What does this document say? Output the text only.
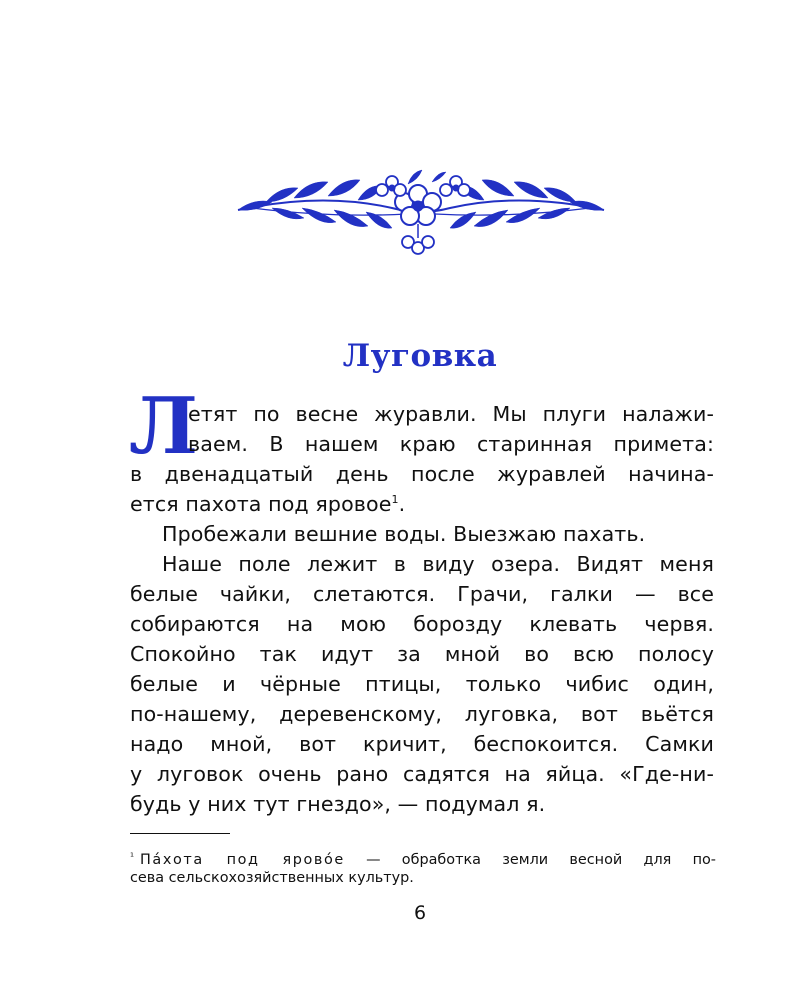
Луговка
Л
етят по весне журавли. Мы плуги налажи-
ваем. В нашем краю старинная примета:
в двенадцатый день после журавлей начина-
ется пахота под яровое$^1$.
Пробежали вешние воды. Выезжаю пахать.
Наше поле лежит в виду озера. Видят меня
белые чайки, слетаются. Грачи, галки — все
собираются на мою борозду клевать червя.
Спокойно так идут за мной во всю полосу
белые и чёрные птицы, только чибис один,
по-нашему, деревенскому, луговка, вот вьётся
надо мной, вот кричит, беспокоится. Самки
у луговок очень рано садятся на яйца. «Где-ни-
будь у них тут гнездо», — подумал я.
$^{^1}$ Пáхота под яровóе — обработка земли весной для по-
сева сельскохозяйственных культур.
6
